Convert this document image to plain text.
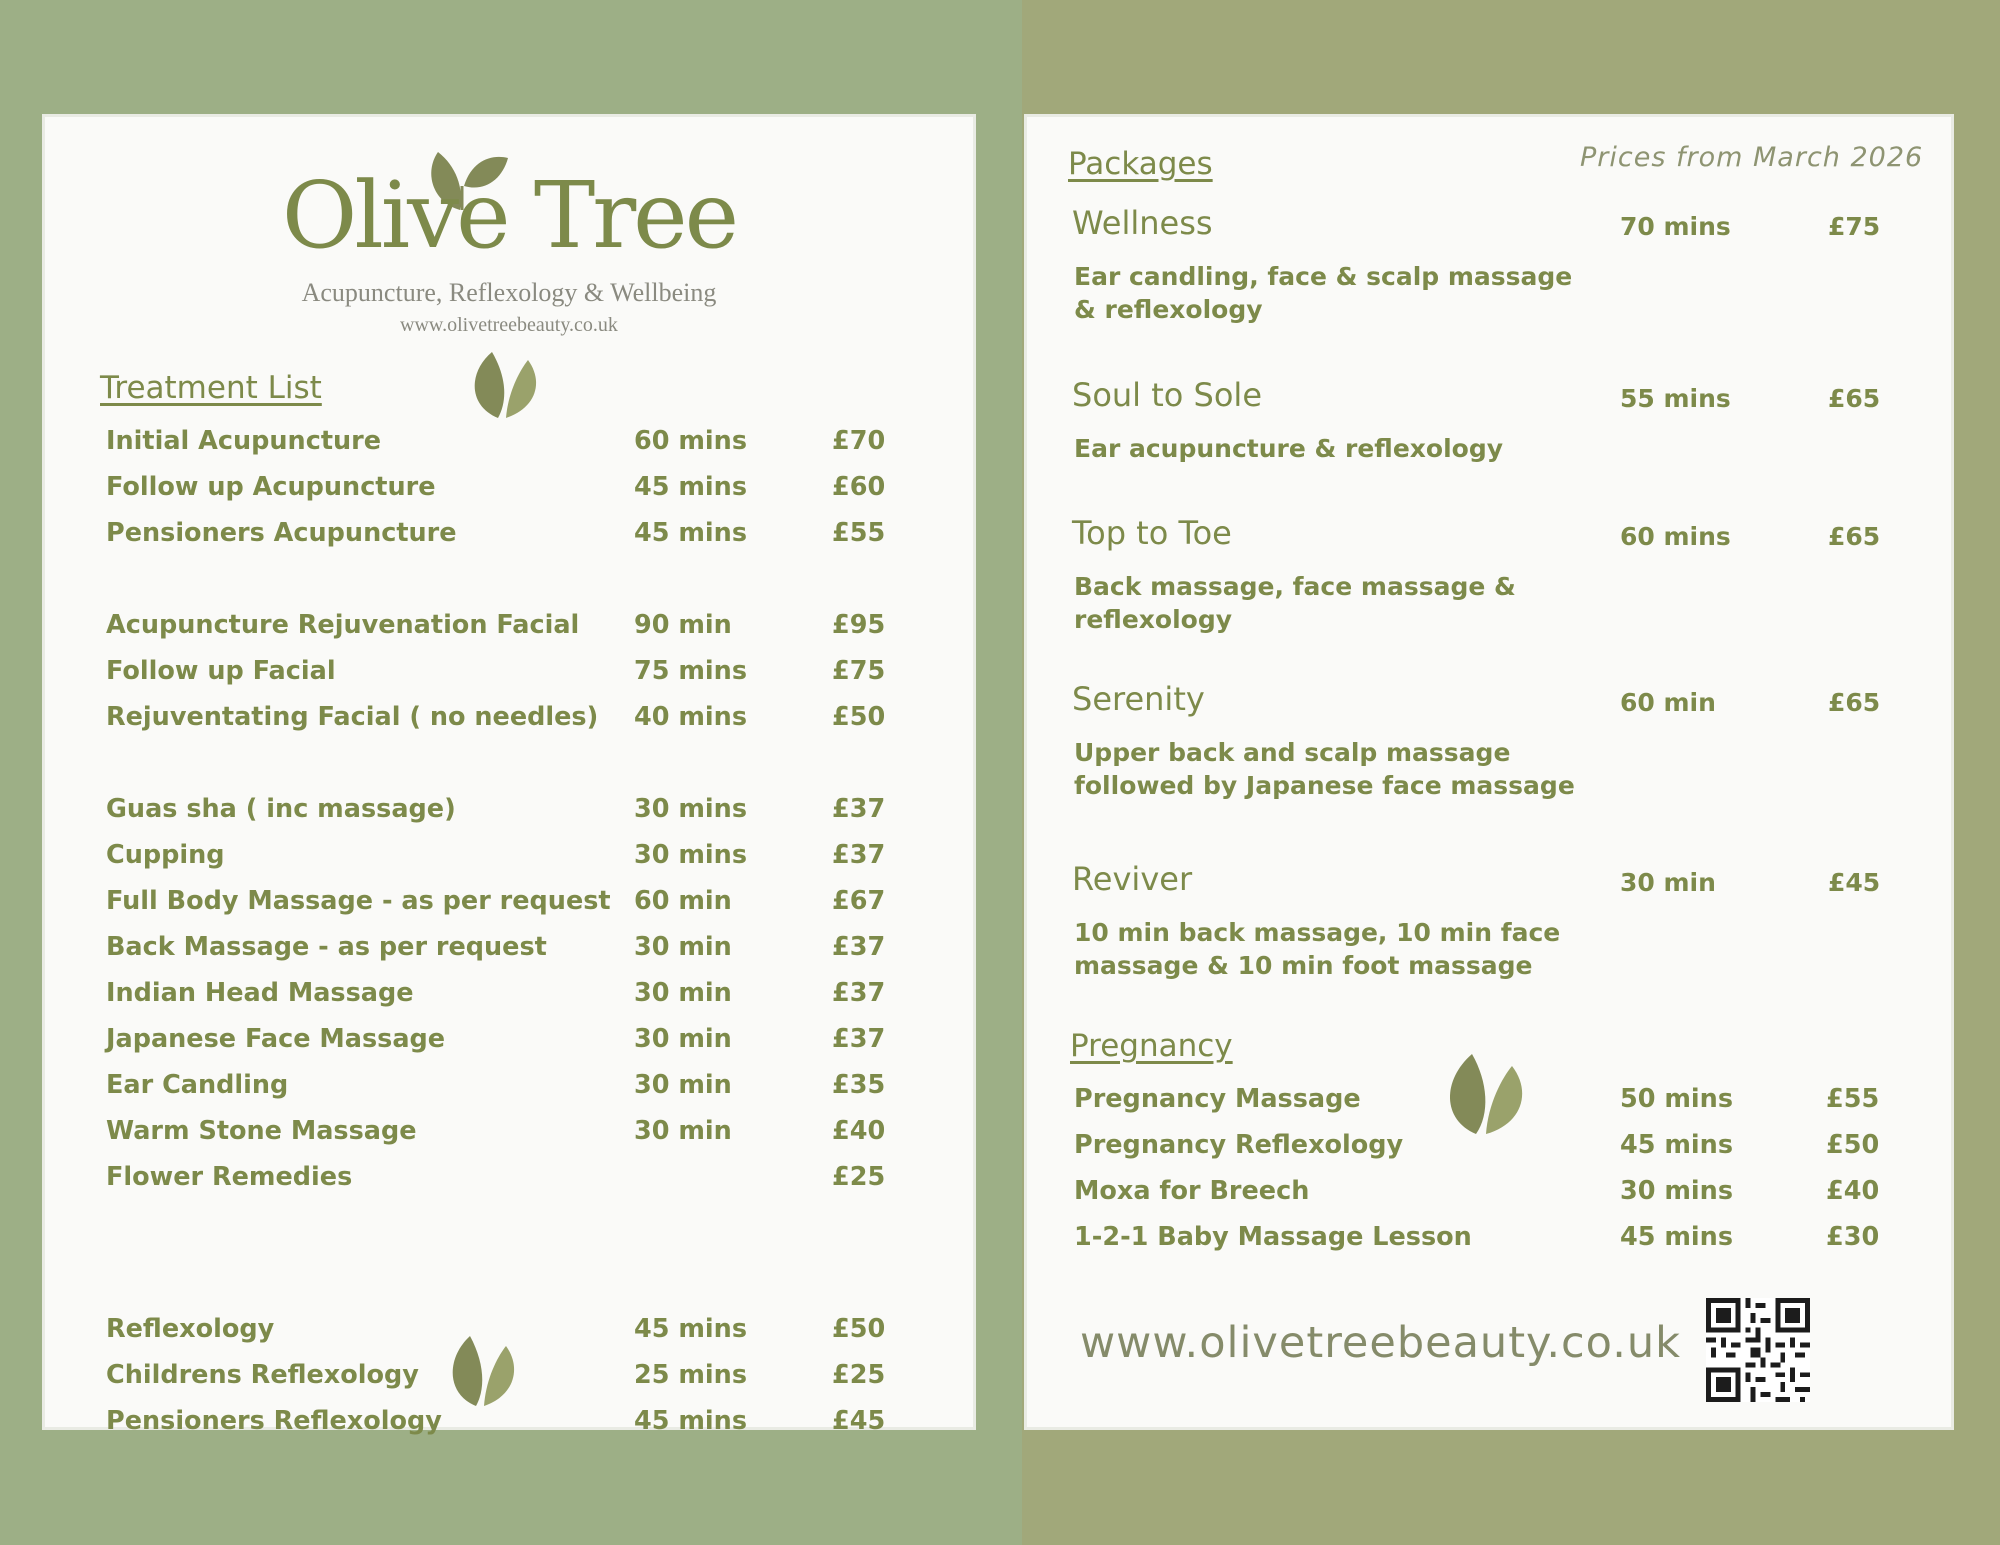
Olive Tree
Acupuncture, Reflexology & Wellbeing
www.olivetreebeauty.co.uk
Treatment List
Initial Acupuncture	60 mins	£70
Follow up Acupuncture	45 mins	£60
Pensioners Acupuncture	45 mins	£55
Acupuncture Rejuvenation Facial 90 min	£95
Follow up Facial	75 mins	£75
Rejuventating Facial ( no needles) 40 mins	£50
Guas sha ( inc massage)	30 mins	£37
Cupping	30 mins	£37
Full Body Massage - as per request 60 min	£67
Back Massage - as per request	30 min	£37
Indian Head Massage	30 min	£37
Japanese Face Massage	30 min	£37
Ear Candling	30 min	£35
Warm Stone Massage	30 min	£40
Flower Remedies	£25
Reflexology	45 mins	£50
Childrens Reflexology	25 mins	£25
Pensioners Reflexology	45 mins	£45
Packages	Prices from March 2026
Wellness
Ear candling, face & scalp massage & reflexology
70 mins	£75
Soul to Sole
Ear acupuncture & reflexology
55 mins	£65
Top to Toe
Back massage, face massage & reflexology
60 mins	£65
Serenity
Upper back and scalp massage followed by Japanese face massage
60 min	£65
Reviver
10 min back massage, 10 min face massage & 10 min foot massage
30 min	£45
Pregnancy
Pregnancy Massage	50 mins	£55
Pregnancy Reflexology	45 mins	£50
Moxa for Breech	30 mins	£40
1-2-1 Baby Massage Lesson	45 mins	£30
www.olivetreebeauty.co.uk
